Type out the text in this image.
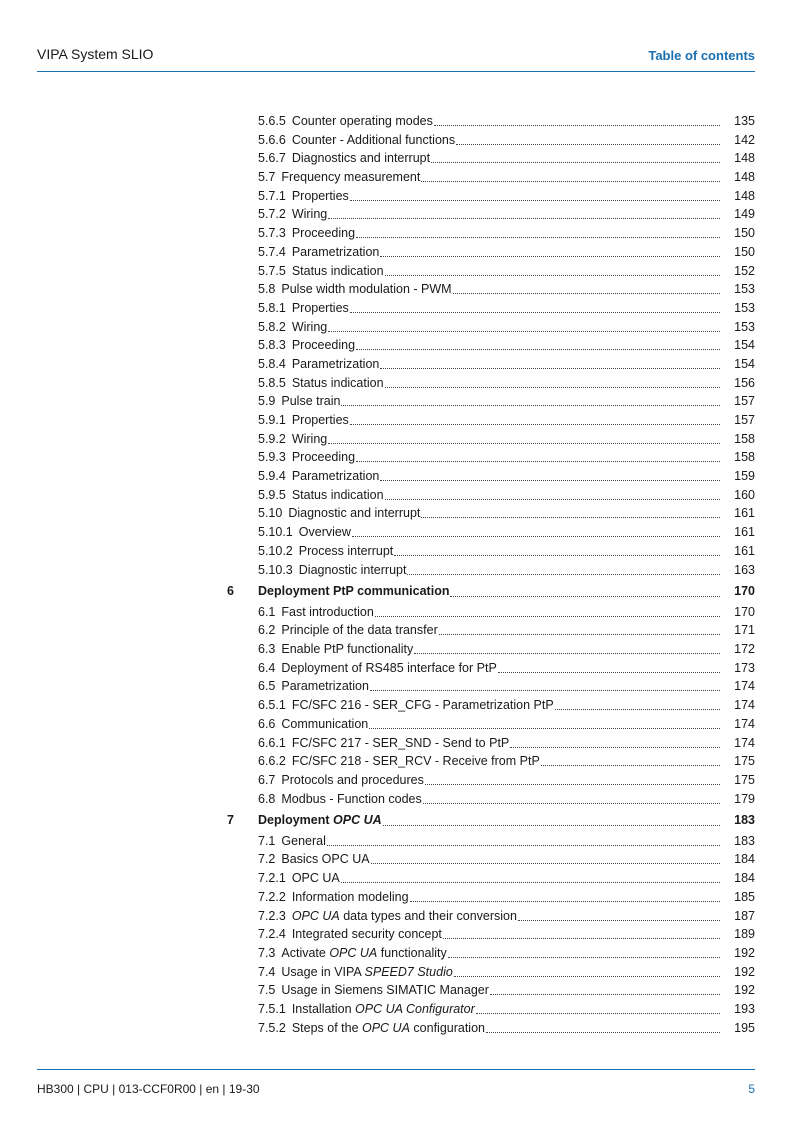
VIPA System SLIO	Table of contents
5.6.5 Counter operating modes	135
5.6.6 Counter - Additional functions	142
5.6.7 Diagnostics and interrupt	148
5.7 Frequency measurement	148
5.7.1 Properties	148
5.7.2 Wiring	149
5.7.3 Proceeding	150
5.7.4 Parametrization	150
5.7.5 Status indication	152
5.8 Pulse width modulation - PWM	153
5.8.1 Properties	153
5.8.2 Wiring	153
5.8.3 Proceeding	154
5.8.4 Parametrization	154
5.8.5 Status indication	156
5.9 Pulse train	157
5.9.1 Properties	157
5.9.2 Wiring	158
5.9.3 Proceeding	158
5.9.4 Parametrization	159
5.9.5 Status indication	160
5.10 Diagnostic and interrupt	161
5.10.1 Overview	161
5.10.2 Process interrupt	161
5.10.3 Diagnostic interrupt	163
6 Deployment PtP communication	170
6.1 Fast introduction	170
6.2 Principle of the data transfer	171
6.3 Enable PtP functionality	172
6.4 Deployment of RS485 interface for PtP	173
6.5 Parametrization	174
6.5.1 FC/SFC 216 - SER_CFG - Parametrization PtP	174
6.6 Communication	174
6.6.1 FC/SFC 217 - SER_SND - Send to PtP	174
6.6.2 FC/SFC 218 - SER_RCV - Receive from PtP	175
6.7 Protocols and procedures	175
6.8 Modbus - Function codes	179
7 Deployment OPC UA	183
7.1 General	183
7.2 Basics OPC UA	184
7.2.1 OPC UA	184
7.2.2 Information modeling	185
7.2.3 OPC UA data types and their conversion	187
7.2.4 Integrated security concept	189
7.3 Activate OPC UA functionality	192
7.4 Usage in VIPA SPEED7 Studio	192
7.5 Usage in Siemens SIMATIC Manager	192
7.5.1 Installation OPC UA Configurator	193
7.5.2 Steps of the OPC UA configuration	195
HB300 | CPU | 013-CCF0R00 | en | 19-30	5
